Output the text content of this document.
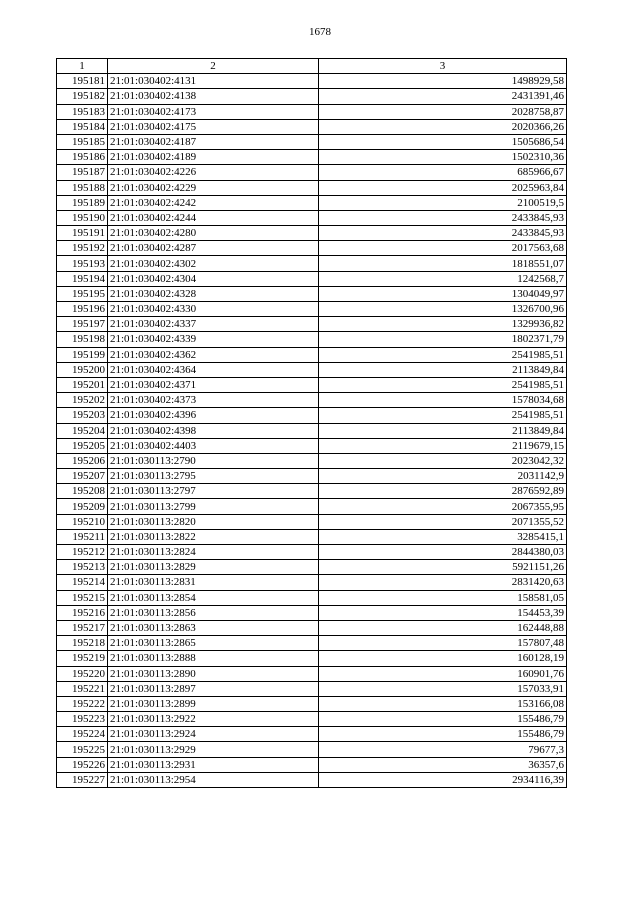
1678
1	2	3
195181	21:01:030402:4131	1498929,58
195182	21:01:030402:4138	2431391,46
195183	21:01:030402:4173	2028758,87
195184	21:01:030402:4175	2020366,26
195185	21:01:030402:4187	1505686,54
195186	21:01:030402:4189	1502310,36
195187	21:01:030402:4226	685966,67
195188	21:01:030402:4229	2025963,84
195189	21:01:030402:4242	2100519,5
195190	21:01:030402:4244	2433845,93
195191	21:01:030402:4280	2433845,93
195192	21:01:030402:4287	2017563,68
195193	21:01:030402:4302	1818551,07
195194	21:01:030402:4304	1242568,7
195195	21:01:030402:4328	1304049,97
195196	21:01:030402:4330	1326700,96
195197	21:01:030402:4337	1329936,82
195198	21:01:030402:4339	1802371,79
195199	21:01:030402:4362	2541985,51
195200	21:01:030402:4364	2113849,84
195201	21:01:030402:4371	2541985,51
195202	21:01:030402:4373	1578034,68
195203	21:01:030402:4396	2541985,51
195204	21:01:030402:4398	2113849,84
195205	21:01:030402:4403	2119679,15
195206	21:01:030113:2790	2023042,32
195207	21:01:030113:2795	2031142,9
195208	21:01:030113:2797	2876592,89
195209	21:01:030113:2799	2067355,95
195210	21:01:030113:2820	2071355,52
195211	21:01:030113:2822	3285415,1
195212	21:01:030113:2824	2844380,03
195213	21:01:030113:2829	5921151,26
195214	21:01:030113:2831	2831420,63
195215	21:01:030113:2854	158581,05
195216	21:01:030113:2856	154453,39
195217	21:01:030113:2863	162448,88
195218	21:01:030113:2865	157807,48
195219	21:01:030113:2888	160128,19
195220	21:01:030113:2890	160901,76
195221	21:01:030113:2897	157033,91
195222	21:01:030113:2899	153166,08
195223	21:01:030113:2922	155486,79
195224	21:01:030113:2924	155486,79
195225	21:01:030113:2929	79677,3
195226	21:01:030113:2931	36357,6
195227	21:01:030113:2954	2934116,39
